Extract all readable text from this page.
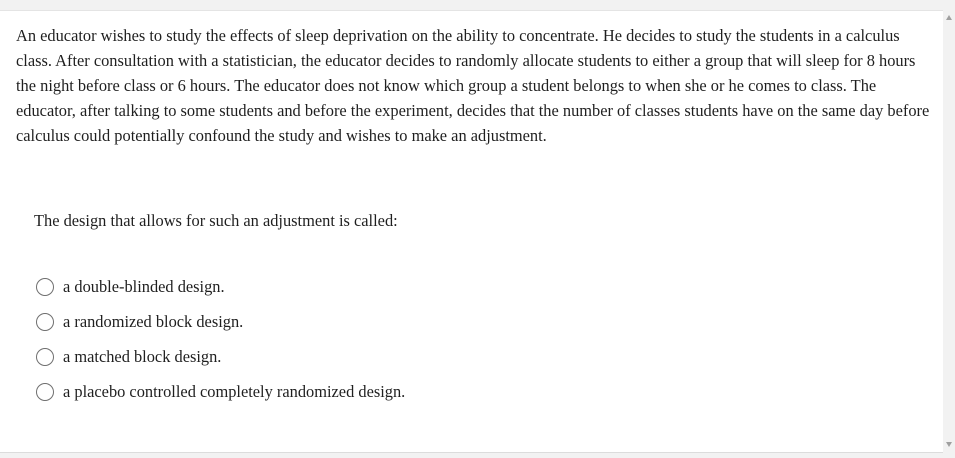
An educator wishes to study the effects of sleep deprivation on the ability to concentrate. He decides to study the students in a calculus class. After consultation with a statistician, the educator decides to randomly allocate students to either a group that will sleep for 8 hours the night before class or 6 hours. The educator does not know which group a student belongs to when she or he comes to class. The educator, after talking to some students and before the experiment, decides that the number of classes students have on the same day before calculus could potentially confound the study and wishes to make an adjustment.

The design that allows for such an adjustment is called:

a double-blinded design.
a randomized block design.
a matched block design.
a placebo controlled completely randomized design.
